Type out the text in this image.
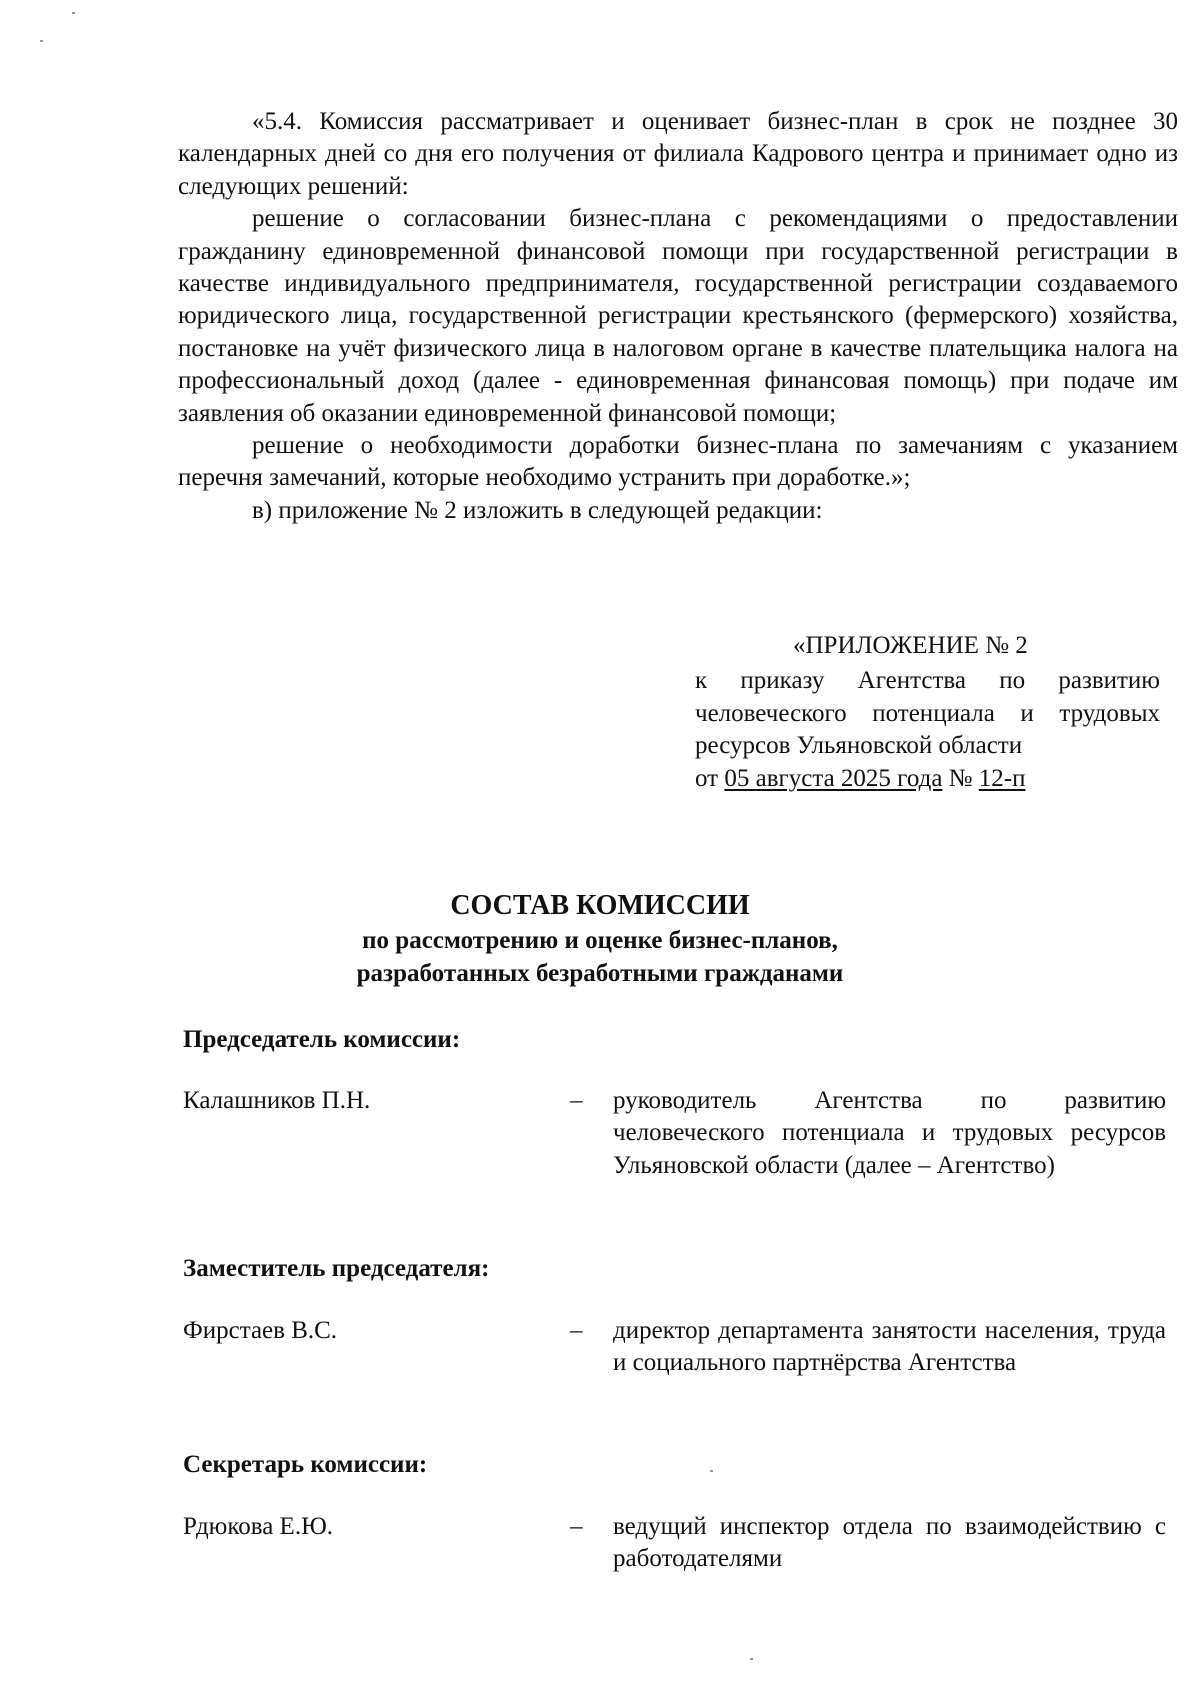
«5.4. Комиссия рассматривает и оценивает бизнес-план в срок не позднее 30 календарных дней со дня его получения от филиала Кадрового центра и принимает одно из следующих решений:

решение о согласовании бизнес-плана с рекомендациями о предоставлении гражданину единовременной финансовой помощи при государственной регистрации в качестве индивидуального предпринимателя, государственной регистрации создаваемого юридического лица, государственной регистрации крестьянского (фермерского) хозяйства, постановке на учёт физического лица в налоговом органе в качестве плательщика налога на профессиональный доход (далее - единовременная финансовая помощь) при подаче им заявления об оказании единовременной финансовой помощи;

решение о необходимости доработки бизнес-плана по замечаниям с указанием перечня замечаний, которые необходимо устранить при доработке.»;

в) приложение № 2 изложить в следующей редакции:

«ПРИЛОЖЕНИЕ № 2

к приказу Агентства по развитию человеческого потенциала и трудовых ресурсов Ульяновской области

от 05 августа 2025 года № 12-п

СОСТАВ КОМИССИИ
по рассмотрению и оценке бизнес-планов,
разработанных безработными гражданами
Председатель комиссии:
Калашников П.Н.	– руководитель Агентства по развитию человеческого потенциала и трудовых ресурсов Ульяновской области (далее – Агентство)
Заместитель председателя:
Фирстаев В.С.	– директор департамента занятости населения, труда и социального партнёрства Агентства
Секретарь комиссии:
Рдюкова Е.Ю.	– ведущий инспектор отдела по взаимодействию с работодателями
